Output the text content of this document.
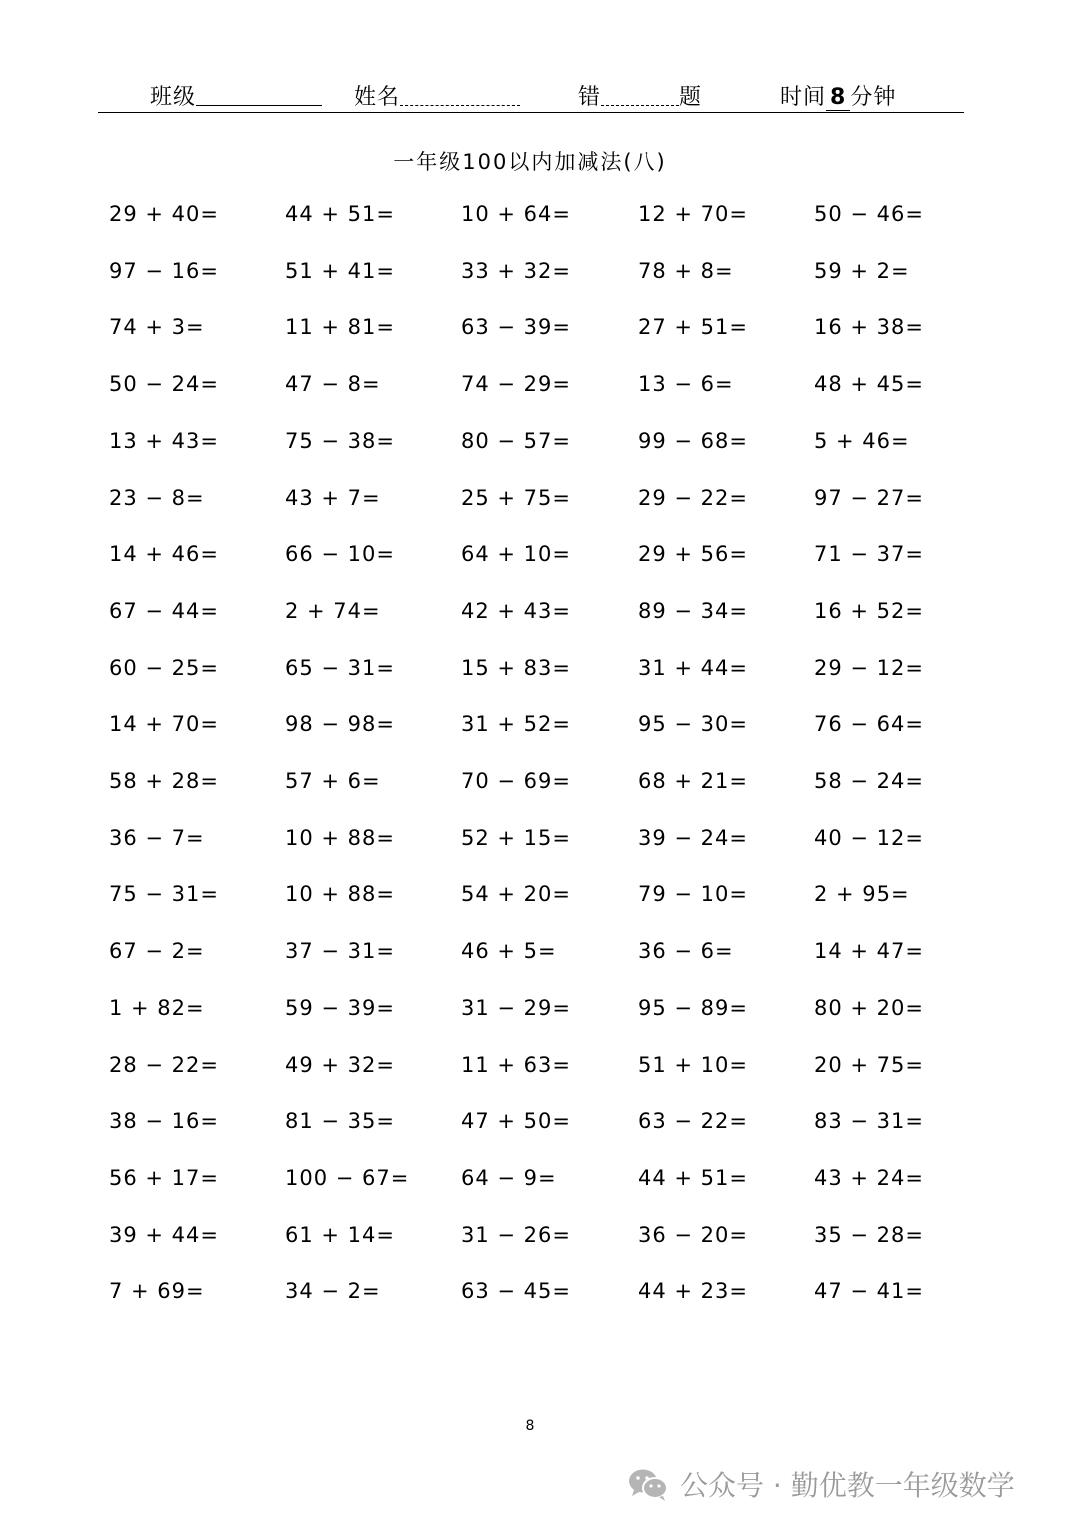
班级	姓名	错	题	时间 8 分钟
一年级100以内加减法(八)
29 + 40=	44 + 51=	10 + 64=	12 + 70=	50 − 46=
97 − 16=	51 + 41=	33 + 32=	78 + 8=	59 + 2=
74 + 3=	11 + 81=	63 − 39=	27 + 51=	16 + 38=
50 − 24=	47 − 8=	74 − 29=	13 − 6=	48 + 45=
13 + 43=	75 − 38=	80 − 57=	99 − 68=	5 + 46=
23 − 8=	43 + 7=	25 + 75=	29 − 22=	97 − 27=
14 + 46=	66 − 10=	64 + 10=	29 + 56=	71 − 37=
67 − 44=	2 + 74=	42 + 43=	89 − 34=	16 + 52=
60 − 25=	65 − 31=	15 + 83=	31 + 44=	29 − 12=
14 + 70=	98 − 98=	31 + 52=	95 − 30=	76 − 64=
58 + 28=	57 + 6=	70 − 69=	68 + 21=	58 − 24=
36 − 7=	10 + 88=	52 + 15=	39 − 24=	40 − 12=
75 − 31=	10 + 88=	54 + 20=	79 − 10=	2 + 95=
67 − 2=	37 − 31=	46 + 5=	36 − 6=	14 + 47=
1 + 82=	59 − 39=	31 − 29=	95 − 89=	80 + 20=
28 − 22=	49 + 32=	11 + 63=	51 + 10=	20 + 75=
38 − 16=	81 − 35=	47 + 50=	63 − 22=	83 − 31=
56 + 17=	100 − 67= 64 − 9=	44 + 51=	43 + 24=
39 + 44=	61 + 14=	31 − 26=	36 − 20=	35 − 28=
7 + 69=	34 − 2=	63 − 45=	44 + 23=	47 − 41=
8
公众号 · 勤优教一年级数学
